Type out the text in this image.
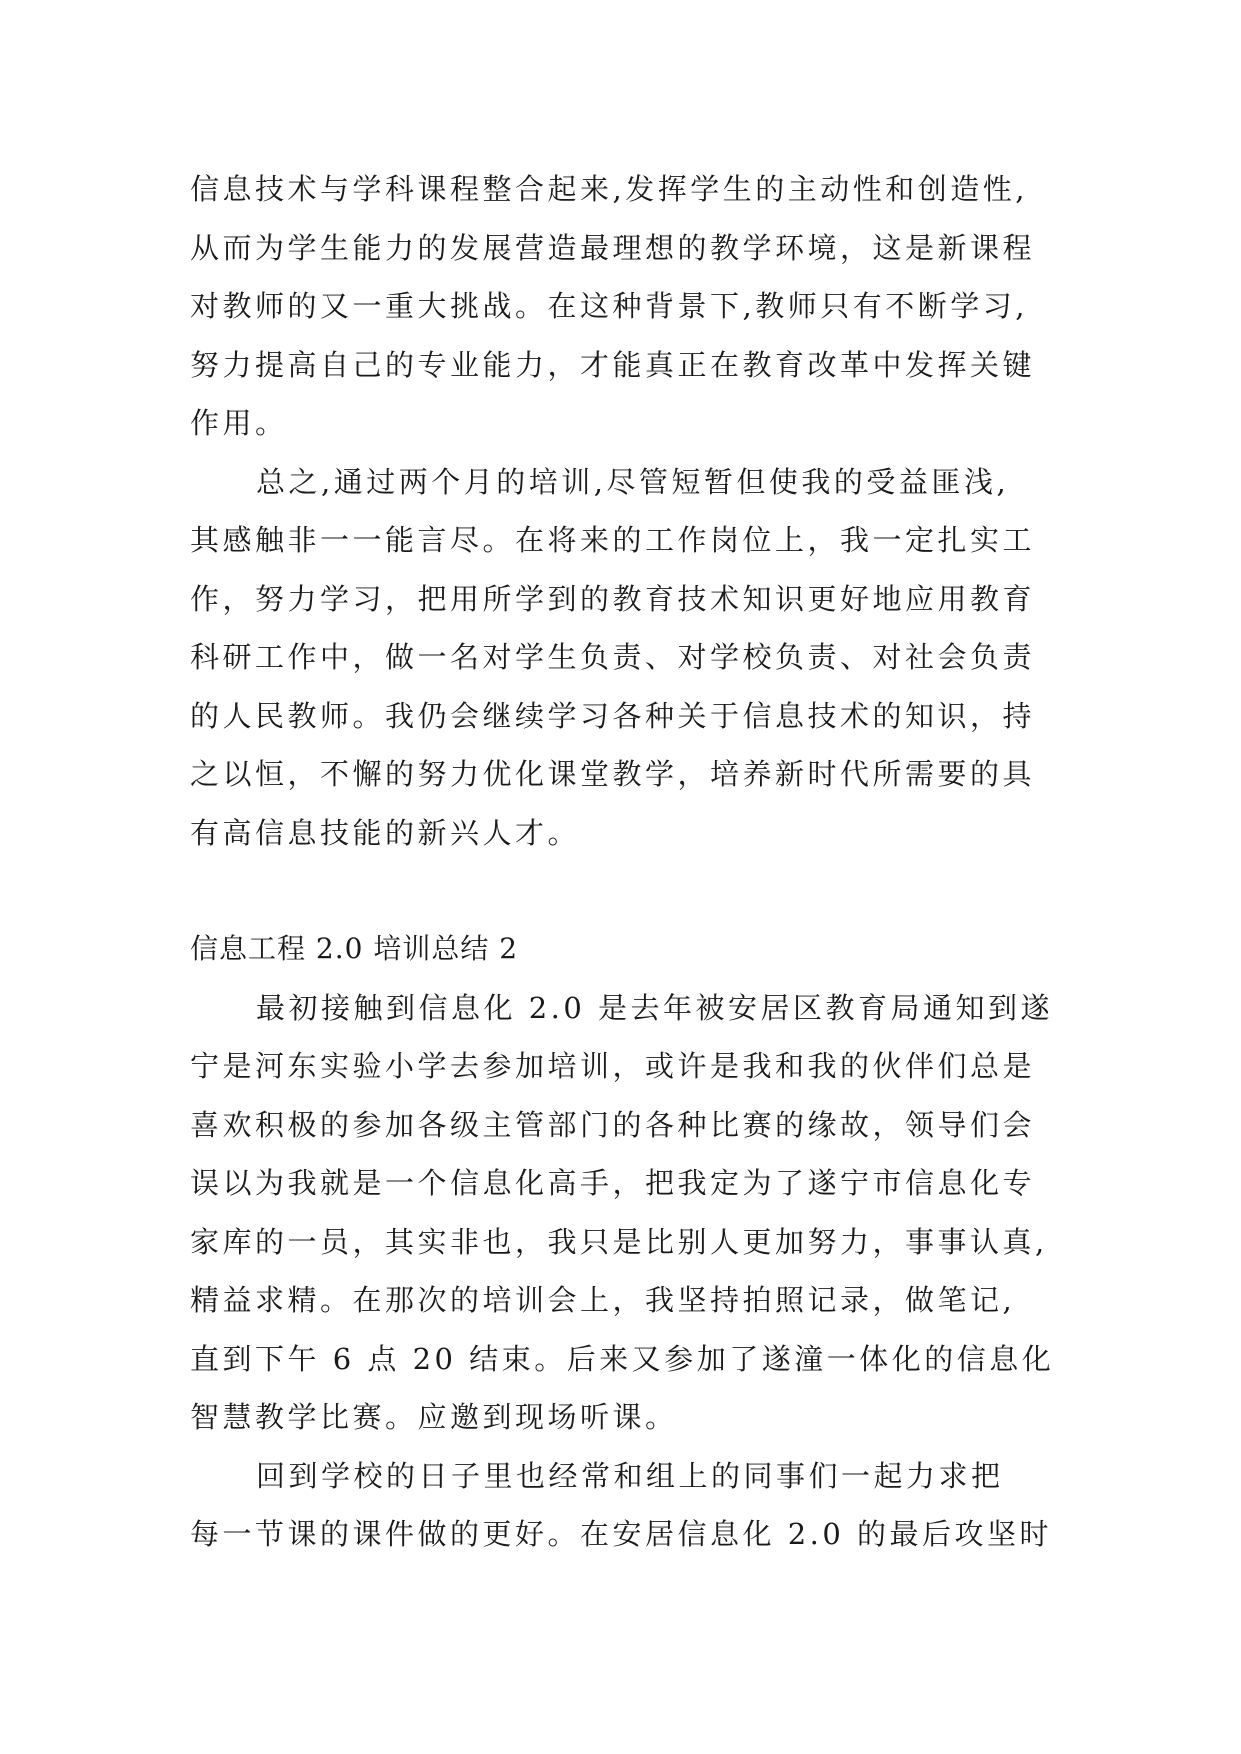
信息技术与学科课程整合起来,发挥学生的主动性和创造性,
从而为学生能力的发展营造最理想的教学环境，这是新课程
对教师的又一重大挑战。在这种背景下,教师只有不断学习,
努力提高自己的专业能力，才能真正在教育改革中发挥关键
作用。
总之,通过两个月的培训,尽管短暂但使我的受益匪浅,
其感触非一一能言尽。在将来的工作岗位上，我一定扎实工
作，努力学习，把用所学到的教育技术知识更好地应用教育
科研工作中，做一名对学生负责、对学校负责、对社会负责
的人民教师。我仍会继续学习各种关于信息技术的知识，持
之以恒，不懈的努力优化课堂教学，培养新时代所需要的具
有高信息技能的新兴人才。
信息工程 2.0 培训总结 2
最初接触到信息化 2.0 是去年被安居区教育局通知到遂
宁是河东实验小学去参加培训，或许是我和我的伙伴们总是
喜欢积极的参加各级主管部门的各种比赛的缘故，领导们会
误以为我就是一个信息化高手，把我定为了遂宁市信息化专
家库的一员，其实非也，我只是比别人更加努力，事事认真,
精益求精。在那次的培训会上，我坚持拍照记录，做笔记,
直到下午 6 点 20 结束。后来又参加了遂潼一体化的信息化
智慧教学比赛。应邀到现场听课。
回到学校的日子里也经常和组上的同事们一起力求把
每一节课的课件做的更好。在安居信息化 2.0 的最后攻坚时
